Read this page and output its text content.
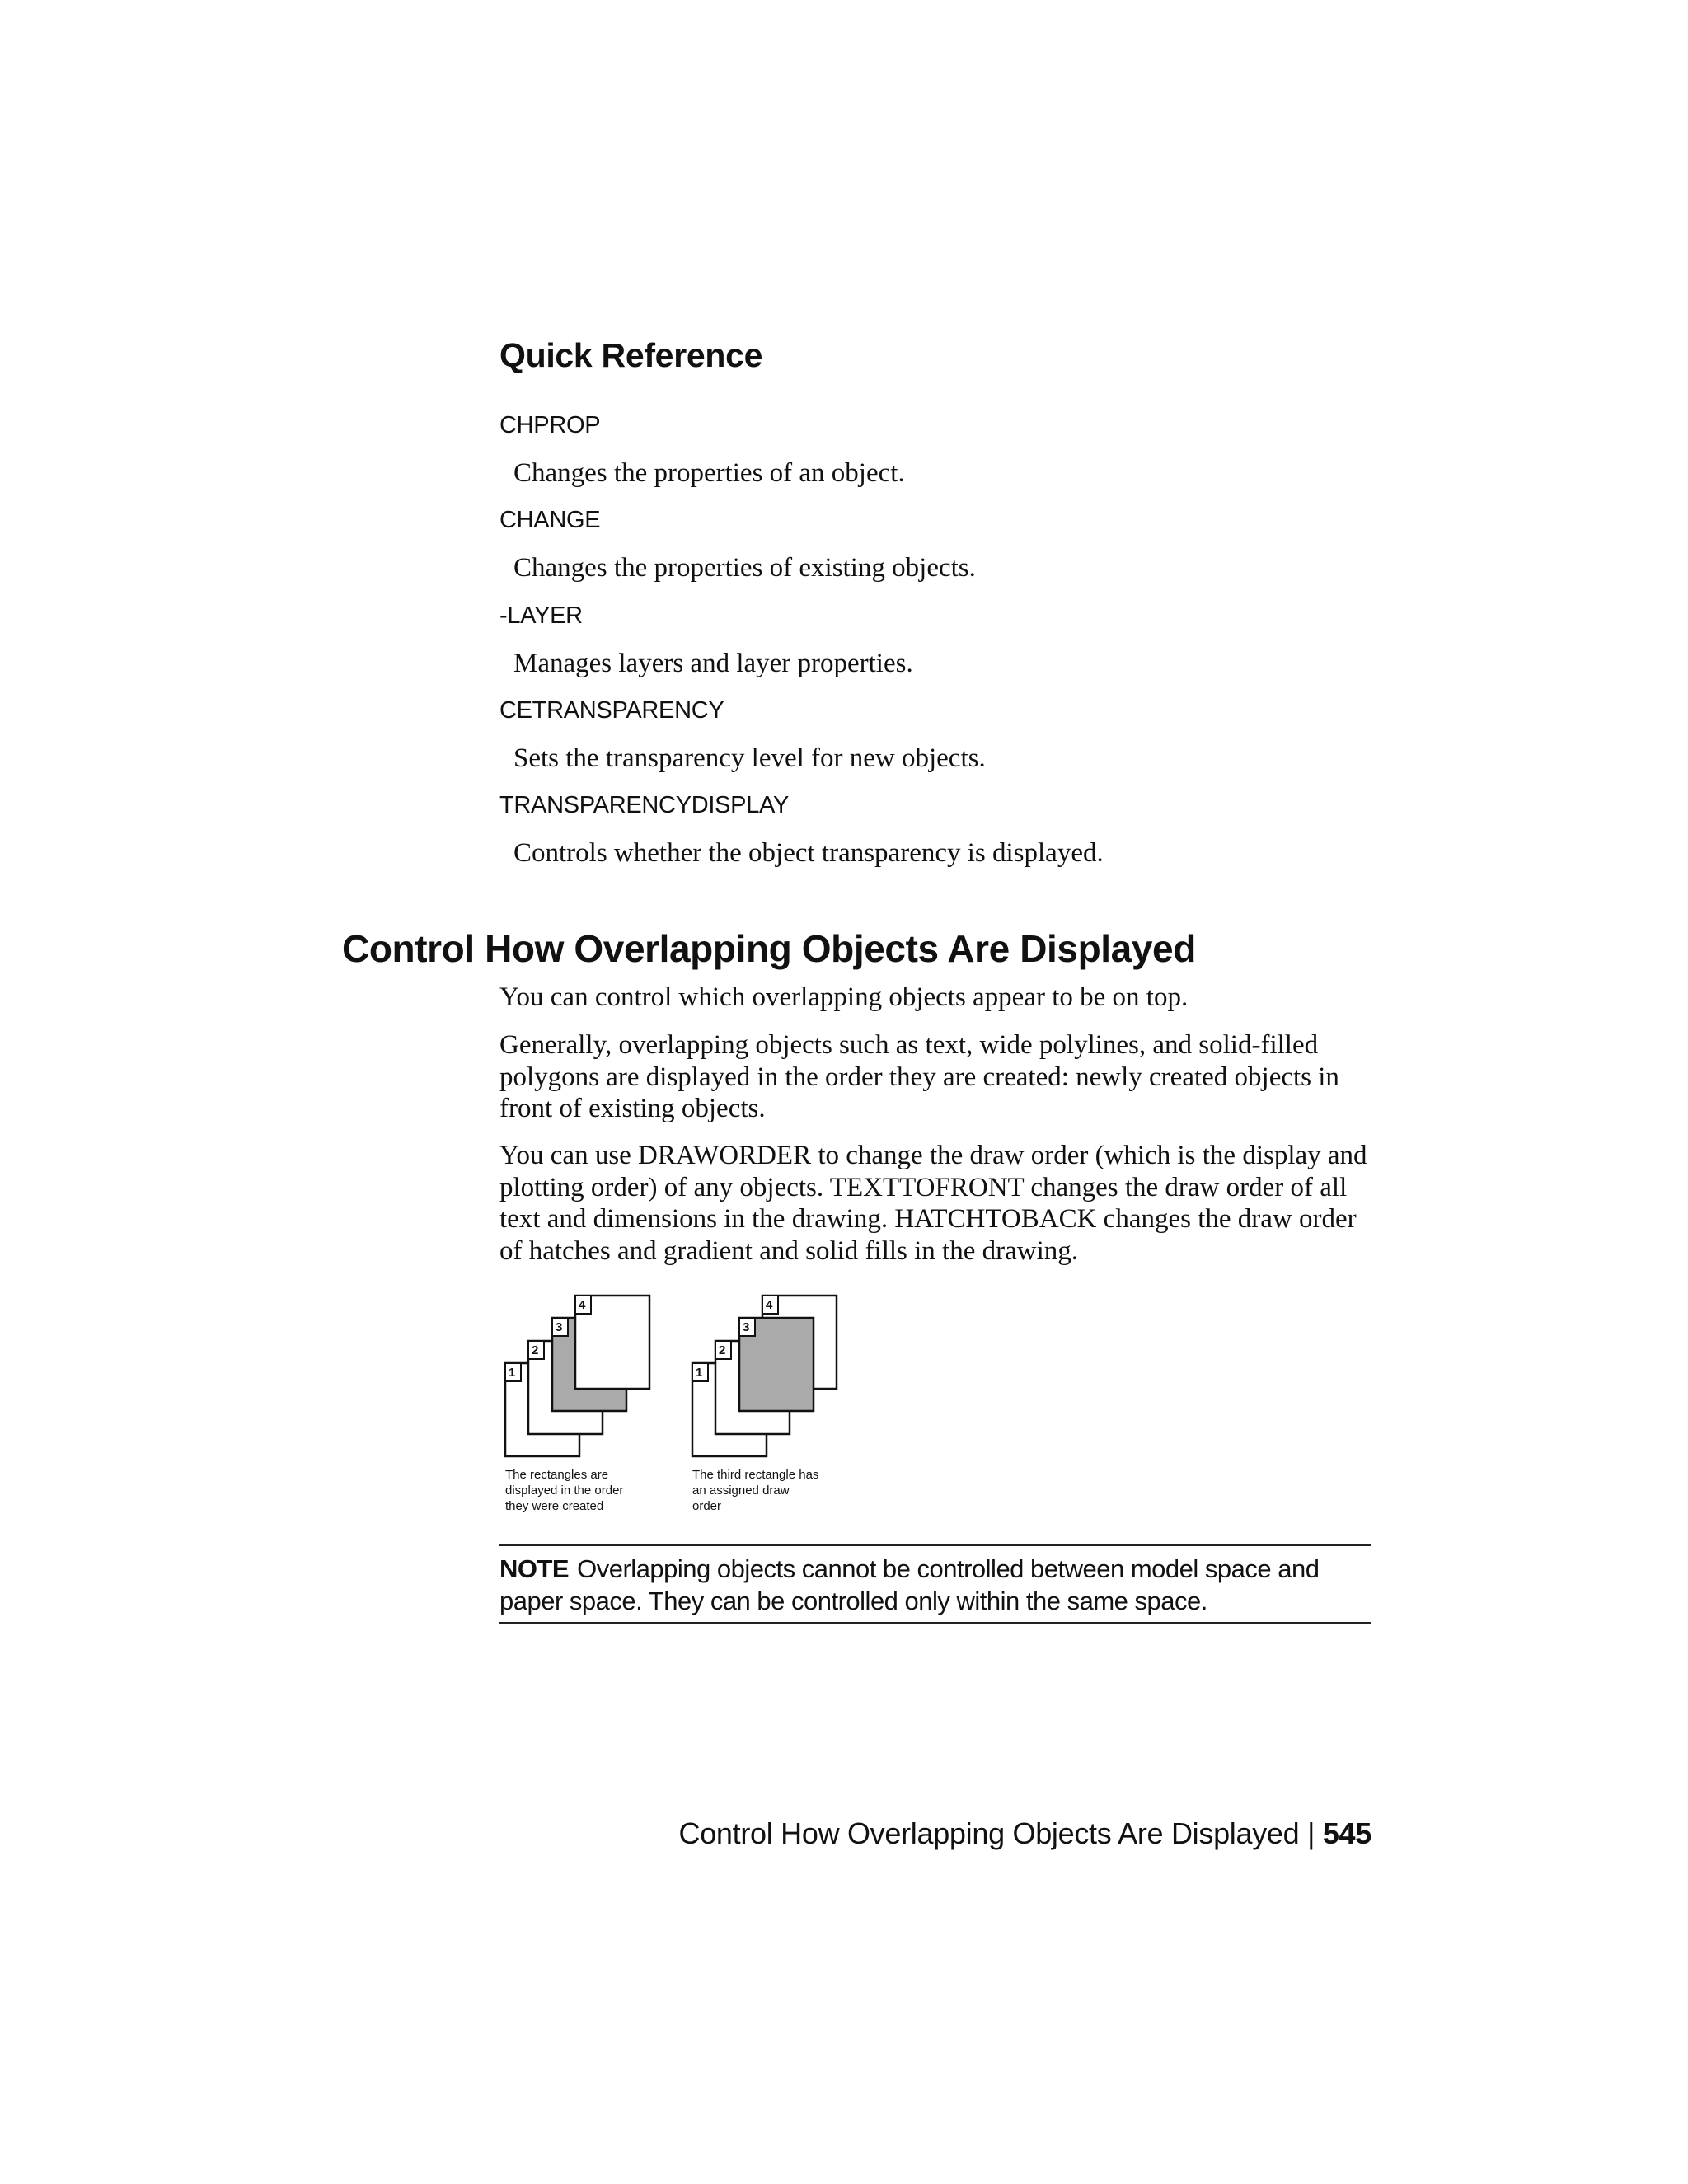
Quick Reference
CHPROP
Changes the properties of an object.
CHANGE
Changes the properties of existing objects.
-LAYER
Manages layers and layer properties.
CETRANSPARENCY
Sets the transparency level for new objects.
TRANSPARENCYDISPLAY
Controls whether the object transparency is displayed.
Control How Overlapping Objects Are Displayed

You can control which overlapping objects appear to be on top.

Generally, overlapping objects such as text, wide polylines, and solid-filled polygons are displayed in the order they are created: newly created objects in front of existing objects.

You can use DRAWORDER to change the draw order (which is the display and plotting order) of any objects. TEXTTOFRONT changes the draw order of all text and dimensions in the drawing. HATCHTOBACK changes the draw order of hatches and gradient and solid fills in the drawing.

1
2
3
4
The rectangles are
displayed in the order
they were created
1
2
3
4
The third rectangle has
an assigned draw
order

NOTE Overlapping objects cannot be controlled between model space and paper space. They can be controlled only within the same space.

Control How Overlapping Objects Are Displayed | 545
